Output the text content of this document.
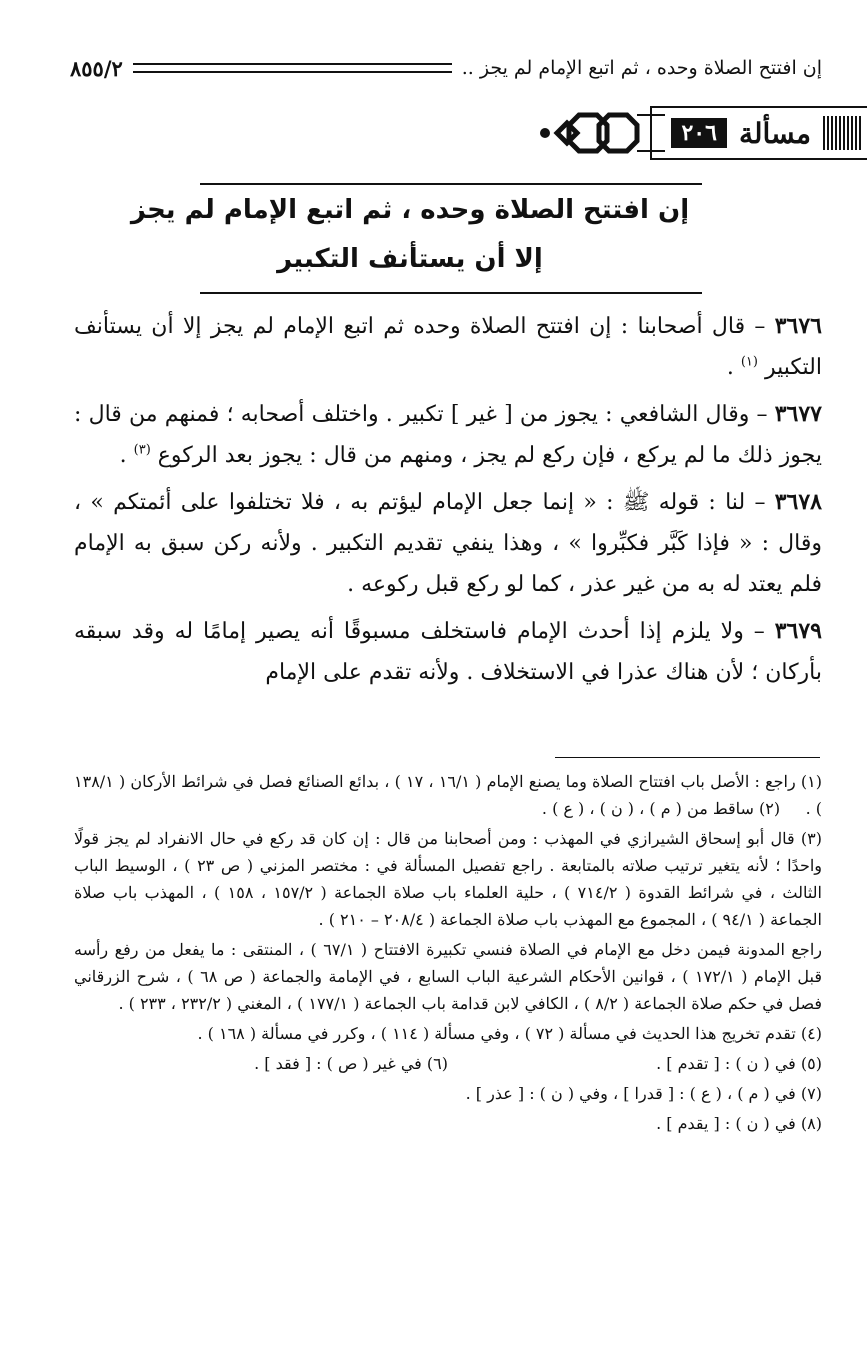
إن افتتح الصلاة وحده ، ثم اتبع الإمام لم يجز ..
٨٥٥/٢
مسألة
٢٠٦
إن افتتح الصلاة وحده ، ثم اتبع الإمام لم يجز
إلا أن يستأنف التكبير

٣٦٧٦ – قال أصحابنا : إن افتتح الصلاة وحده ثم اتبع الإمام لم يجز إلا أن يستأنف التكبير $^{(١)}$ .

٣٦٧٧ – وقال الشافعي : يجوز من [ غير ] تكبير . واختلف أصحابه ؛ فمنهم من قال : يجوز ذلك ما لم يركع ، فإن ركع لم يجز ، ومنهم من قال : يجوز بعد الركوع $^{(٣)}$ .

٣٦٧٨ – لنا : قوله ﷺ : « إنما جعل الإمام ليؤتم به ، فلا تختلفوا على أئمتكم » ، وقال : « فإذا كَبَّر فكبِّروا » ، وهذا ينفي تقديم التكبير . ولأنه ركن سبق به الإمام فلم يعتد له به من غير عذر ، كما لو ركع قبل ركوعه .

٣٦٧٩ – ولا يلزم إذا أحدث الإمام فاستخلف مسبوقًا أنه يصير إمامًا له وقد سبقه بأركان ؛ لأن هناك عذرا في الاستخلاف . ولأنه تقدم على الإمام

(١) راجع : الأصل باب افتتاح الصلاة وما يصنع الإمام ( ١٦/١ ، ١٧ ) ، بدائع الصنائع فصل في شرائط الأركان ( ١٣٨/١ ) .     (٢) ساقط من ( م ) ، ( ن ) ، ( ع ) .

(٣) قال أبو إسحاق الشيرازي في المهذب : ومن أصحابنا من قال : إن كان قد ركع في حال الانفراد لم يجز قولًا واحدًا ؛ لأنه يتغير ترتيب صلاته بالمتابعة . راجع تفصيل المسألة في : مختصر المزني ( ص ٢٣ ) ، الوسيط الباب الثالث ، في شرائط القدوة ( ٧١٤/٢ ) ، حلية العلماء باب صلاة الجماعة ( ١٥٧/٢ ، ١٥٨ ) ، المهذب باب صلاة الجماعة ( ٩٤/١ ) ، المجموع مع المهذب باب صلاة الجماعة ( ٢٠٨/٤ – ٢١٠ ) .

راجع المدونة فيمن دخل مع الإمام في الصلاة فنسي تكبيرة الافتتاح ( ٦٧/١ ) ، المنتقى : ما يفعل من رفع رأسه قبل الإمام ( ١٧٢/١ ) ، قوانين الأحكام الشرعية الباب السابع ، في الإمامة والجماعة ( ص ٦٨ ) ، شرح الزرقاني فصل في حكم صلاة الجماعة ( ٨/٢ ) ، الكافي لابن قدامة باب الجماعة ( ١٧٧/١ ) ، المغني ( ٢٣٢/٢ ، ٢٣٣ ) .

(٤) تقدم تخريج هذا الحديث في مسألة ( ٧٢ ) ، وفي مسألة ( ١١٤ ) ، وكرر في مسألة ( ١٦٨ ) .

(٥) في ( ن ) : [ تقدم ] .
(٦) في غير ( ص ) : [ فقد ] .

(٧) في ( م ) ، ( ع ) : [ قدرا ] ، وفي ( ن ) : [ عذر ] .

(٨) في ( ن ) : [ يقدم ] .
